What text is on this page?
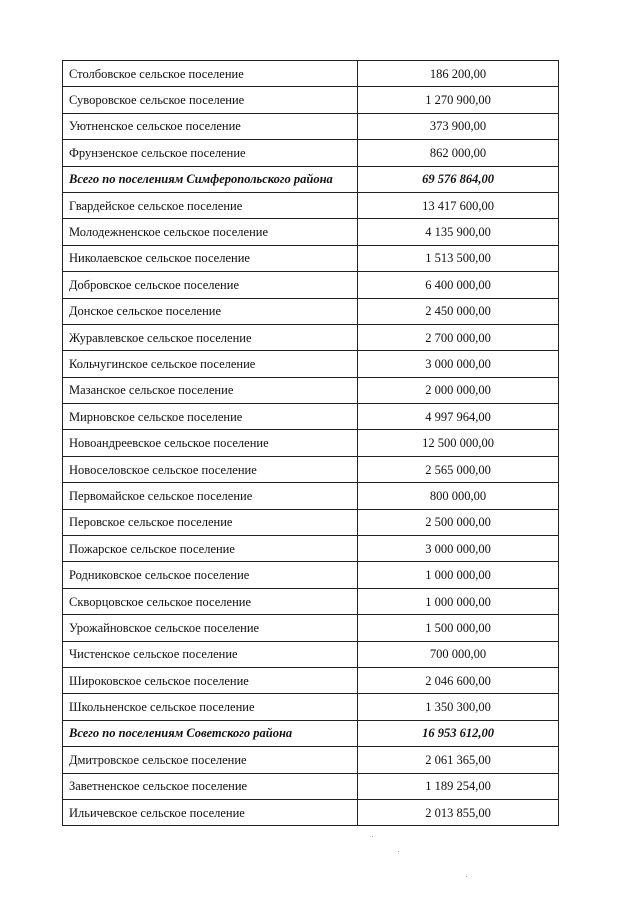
Столбовское сельское поселение	186 200,00
Суворовское сельское поселение	1 270 900,00
Уютненское сельское поселение	373 900,00
Фрунзенское сельское поселение	862 000,00
Всего по поселениям Симферопольского района	69 576 864,00
Гвардейское сельское поселение	13 417 600,00
Молодежненское сельское поселение	4 135 900,00
Николаевское сельское поселение	1 513 500,00
Добровское сельское поселение	6 400 000,00
Донское сельское поселение	2 450 000,00
Журавлевское сельское поселение	2 700 000,00
Кольчугинское сельское поселение	3 000 000,00
Мазанское сельское поселение	2 000 000,00
Мирновское сельское поселение	4 997 964,00
Новоандреевское сельское поселение	12 500 000,00
Новоселовское сельское поселение	2 565 000,00
Первомайское сельское поселение	800 000,00
Перовское сельское поселение	2 500 000,00
Пожарское сельское поселение	3 000 000,00
Родниковское сельское поселение	1 000 000,00
Скворцовское сельское поселение	1 000 000,00
Урожайновское сельское поселение	1 500 000,00
Чистенское сельское поселение	700 000,00
Широковское сельское поселение	2 046 600,00
Школьненское сельское поселение	1 350 300,00
Всего по поселениям Советского района	16 953 612,00
Дмитровское сельское поселение	2 061 365,00
Заветненское сельское поселение	1 189 254,00
Ильичевское сельское поселение	2 013 855,00
